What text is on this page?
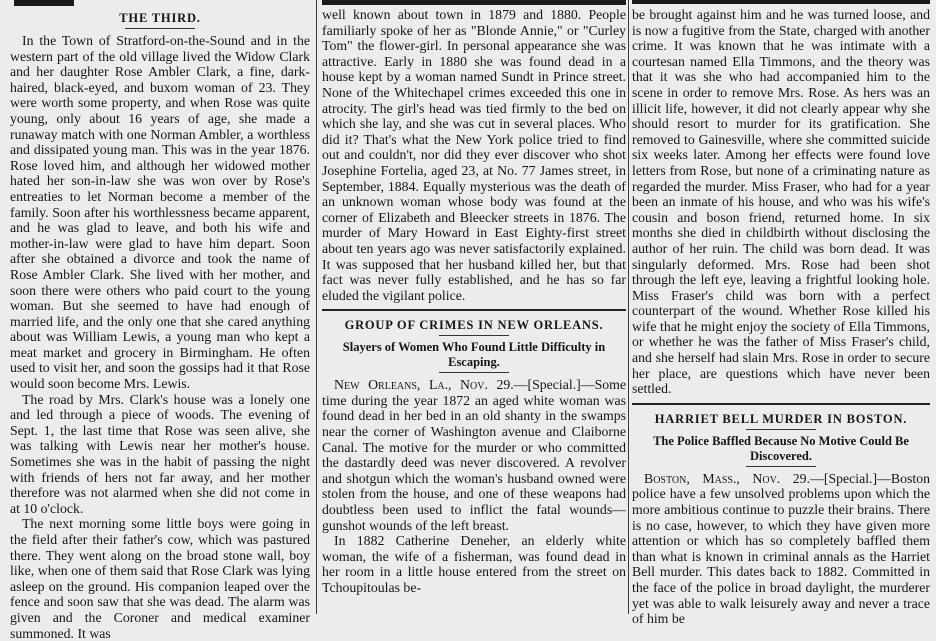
THE THIRD.

In the Town of Stratford-on-the-Sound and in the western part of the old village lived the Widow Clark and her daughter Rose Ambler Clark, a fine, dark-haired, black-eyed, and buxom woman of 23. They were worth some property, and when Rose was quite young, only about 16 years of age, she made a runaway match with one Norman Ambler, a worthless and dissipated young man. This was in the year 1876. Rose loved him, and although her widowed mother hated her son-in-law she was won over by Rose's entreaties to let Norman become a member of the family. Soon after his worthlessness became apparent, and he was glad to leave, and both his wife and mother-in-law were glad to have him depart. Soon after she obtained a divorce and took the name of Rose Ambler Clark. She lived with her mother, and soon there were others who paid court to the young woman. But she seemed to have had enough of married life, and the only one that she cared anything about was William Lewis, a young man who kept a meat market and grocery in Birmingham. He often used to visit her, and soon the gossips had it that Rose would soon become Mrs. Lewis.

The road by Mrs. Clark's house was a lonely one and led through a piece of woods. The evening of Sept. 1, the last time that Rose was seen alive, she was talking with Lewis near her mother's house. Sometimes she was in the habit of passing the night with friends of hers not far away, and her mother therefore was not alarmed when she did not come in at 10 o'clock.

The next morning some little boys were going in the field after their father's cow, which was pastured there. They went along on the broad stone wall, boy like, when one of them said that Rose Clark was lying asleep on the ground. His companion leaped over the fence and soon saw that she was dead. The alarm was given and the Coroner and medical examiner summoned. It was

well known about town in 1879 and 1880. People familiarly spoke of her as "Blonde Annie," or "Curley Tom" the flower-girl. In personal appearance she was attractive. Early in 1880 she was found dead in a house kept by a woman named Sundt in Prince street. None of the Whitechapel crimes exceeded this one in atrocity. The girl's head was tied firmly to the bed on which she lay, and she was cut in several places. Who did it? That's what the New York police tried to find out and couldn't, nor did they ever discover who shot Josephine Fortelia, aged 23, at No. 77 James street, in September, 1884. Equally mysterious was the death of an unknown woman whose body was found at the corner of Elizabeth and Bleecker streets in 1876. The murder of Mary Howard in East Eighty-first street about ten years ago was never satisfactorily explained. It was supposed that her husband killed her, but that fact was never fully established, and he has so far eluded the vigilant police.

GROUP OF CRIMES IN NEW ORLEANS.
Slayers of Women Who Found Little Difficulty in Escaping.

New Orleans, La., Nov. 29.—[Special.]—Some time during the year 1872 an aged white woman was found dead in her bed in an old shanty in the swamps near the corner of Washington avenue and Claiborne Canal. The motive for the murder or who committed the dastardly deed was never discovered. A revolver and shotgun which the woman's husband owned were stolen from the house, and one of these weapons had doubtless been used to inflict the fatal wounds—gunshot wounds of the left breast.

In 1882 Catherine Deneher, an elderly white woman, the wife of a fisherman, was found dead in her room in a little house entered from the street on Tchoupitoulas be-

be brought against him and he was turned loose, and is now a fugitive from the State, charged with another crime. It was known that he was intimate with a courtesan named Ella Timmons, and the theory was that it was she who had accompanied him to the scene in order to remove Mrs. Rose. As hers was an illicit life, however, it did not clearly appear why she should resort to murder for its gratification. She removed to Gainesville, where she committed suicide six weeks later. Among her effects were found love letters from Rose, but none of a criminating nature as regarded the murder. Miss Fraser, who had for a year been an inmate of his house, and who was his wife's cousin and boson friend, returned home. In six months she died in childbirth without disclosing the author of her ruin. The child was born dead. It was singularly deformed. Mrs. Rose had been shot through the left eye, leaving a frightful looking hole. Miss Fraser's child was born with a perfect counterpart of the wound. Whether Rose killed his wife that he might enjoy the society of Ella Timmons, or whether he was the father of Miss Fraser's child, and she herself had slain Mrs. Rose in order to secure her place, are questions which have never been settled.

HARRIET BELL MURDER IN BOSTON.
The Police Baffled Because No Motive Could Be Discovered.

Boston, Mass., Nov. 29.—[Special.]—Boston police have a few unsolved problems upon which the more ambitious continue to puzzle their brains. There is no case, however, to which they have given more attention or which has so completely baffled them than what is known in criminal annals as the Harriet Bell murder. This dates back to 1882. Committed in the face of the police in broad daylight, the murderer yet was able to walk leisurely away and never a trace of him be
